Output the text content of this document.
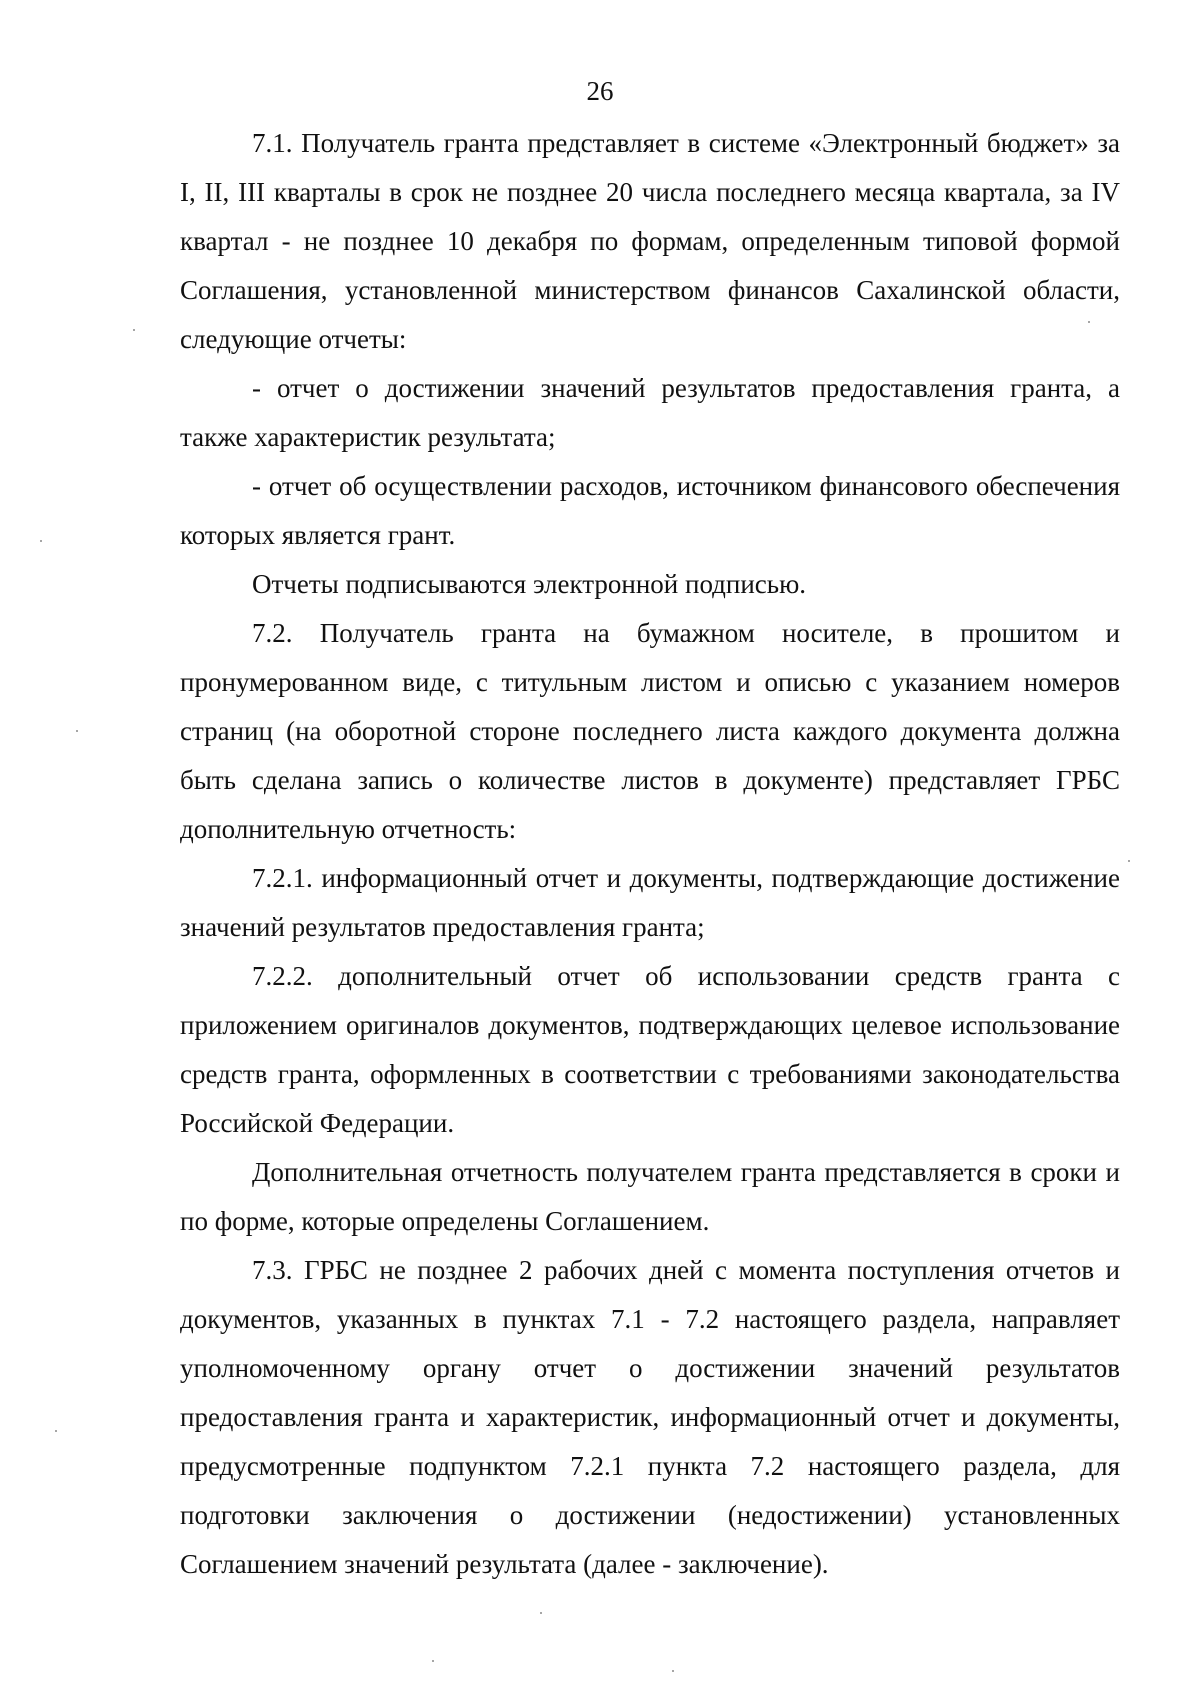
26

7.1. Получатель гранта представляет в системе «Электронный бюджет» за I, II, III кварталы в срок не позднее 20 числа последнего месяца квартала, за IV квартал - не позднее 10 декабря по формам, определенным типовой формой Соглашения, установленной министерством финансов Сахалинской области, следующие отчеты:

- отчет о достижении значений результатов предоставления гранта, а также характеристик результата;

- отчет об осуществлении расходов, источником финансового обеспечения которых является грант.

Отчеты подписываются электронной подписью.

7.2. Получатель гранта на бумажном носителе, в прошитом и пронумерованном виде, с титульным листом и описью с указанием номеров страниц (на оборотной стороне последнего листа каждого документа должна быть сделана запись о количестве листов в документе) представляет ГРБС дополнительную отчетность:

7.2.1. информационный отчет и документы, подтверждающие достижение значений результатов предоставления гранта;

7.2.2. дополнительный отчет об использовании средств гранта с приложением оригиналов документов, подтверждающих целевое использование средств гранта, оформленных в соответствии с требованиями законодательства Российской Федерации.

Дополнительная отчетность получателем гранта представляется в сроки и по форме, которые определены Соглашением.

7.3. ГРБС не позднее 2 рабочих дней с момента поступления отчетов и документов, указанных в пунктах 7.1 - 7.2 настоящего раздела, направляет уполномоченному органу отчет о достижении значений результатов предоставления гранта и характеристик, информационный отчет и документы, предусмотренные подпунктом 7.2.1 пункта 7.2 настоящего раздела, для подготовки заключения о достижении (недостижении) установленных Соглашением значений результата (далее - заключение).
